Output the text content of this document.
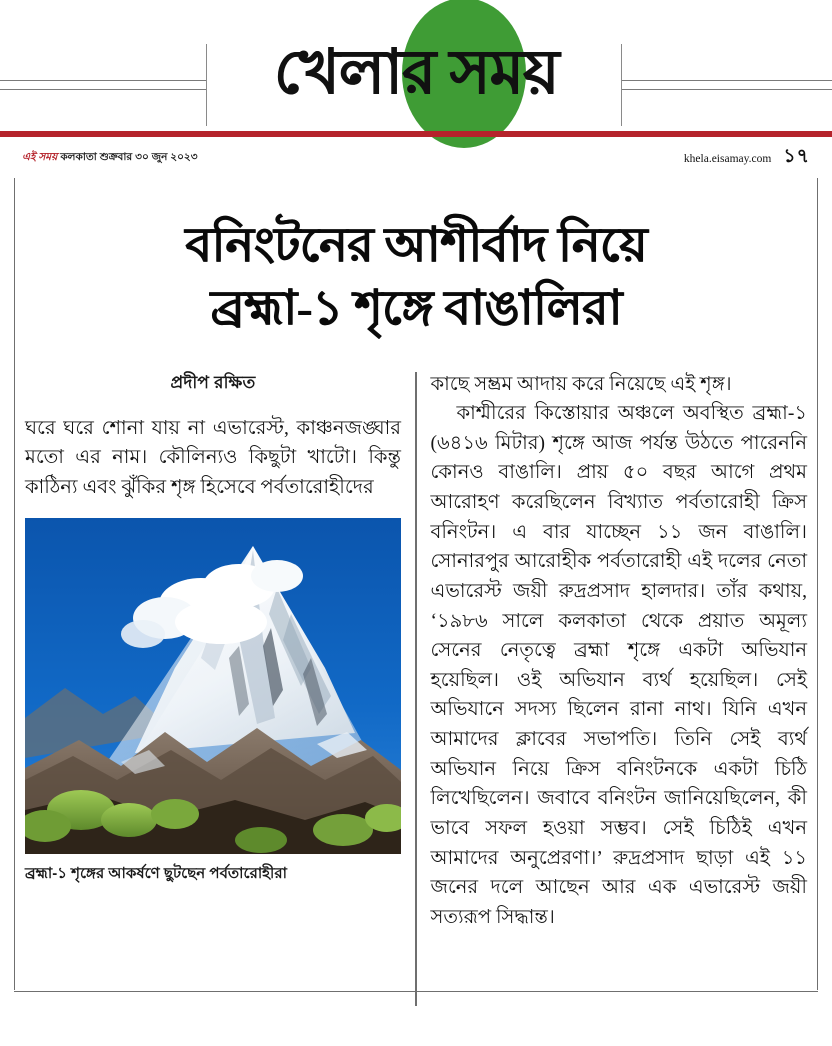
খেলার সময়
এই সময় কলকাতা শুক্রবার ৩০ জুন ২০২৩	khela.eisamay.com ১৭
বনিংটনের আশীর্বাদ নিয়ে
ব্রহ্মা-১ শৃঙ্গে বাঙালিরা
প্রদীপ রক্ষিত

ঘরে ঘরে শোনা যায় না এভারেস্ট, কাঞ্চনজঙ্ঘার মতো এর নাম। কৌলিন্যও কিছুটা খাটো। কিন্তু কাঠিন্য এবং ঝুঁকির শৃঙ্গ হিসেবে পর্বতারোহীদের

ব্রহ্মা-১ শৃঙ্গের আকর্ষণে ছুটছেন পর্বতারোহীরা

কাছে সম্ভ্রম আদায় করে নিয়েছে এই শৃঙ্গ।

কাশ্মীরের কিস্তোয়ার অঞ্চলে অবস্থিত ব্রহ্মা-১ (৬৪১৬ মিটার) শৃঙ্গে আজ পর্যন্ত উঠতে পারেননি কোনও বাঙালি। প্রায় ৫০ বছর আগে প্রথম আরোহণ করেছিলেন বিখ্যাত পর্বতারোহী ক্রিস বনিংটন। এ বার যাচ্ছেন ১১ জন বাঙালি। সোনারপুর আরোহীক পর্বতারোহী এই দলের নেতা এভারেস্ট জয়ী রুদ্রপ্রসাদ হালদার। তাঁর কথায়, ‘১৯৮৬ সালে কলকাতা থেকে প্রয়াত অমূল্য সেনের নেতৃত্বে ব্রহ্মা শৃঙ্গে একটা অভিযান হয়েছিল। ওই অভিযান ব্যর্থ হয়েছিল। সেই অভিযানে সদস্য ছিলেন রানা নাথ। যিনি এখন আমাদের ক্লাবের সভাপতি। তিনি সেই ব্যর্থ অভিযান নিয়ে ক্রিস বনিংটনকে একটা চিঠি লিখেছিলেন। জবাবে বনিংটন জানিয়েছিলেন, কী ভাবে সফল হওয়া সম্ভব। সেই চিঠিই এখন আমাদের অনুপ্রেরণা।’ রুদ্রপ্রসাদ ছাড়া এই ১১ জনের দলে আছেন আর এক এভারেস্ট জয়ী সত্যরূপ সিদ্ধান্ত।
